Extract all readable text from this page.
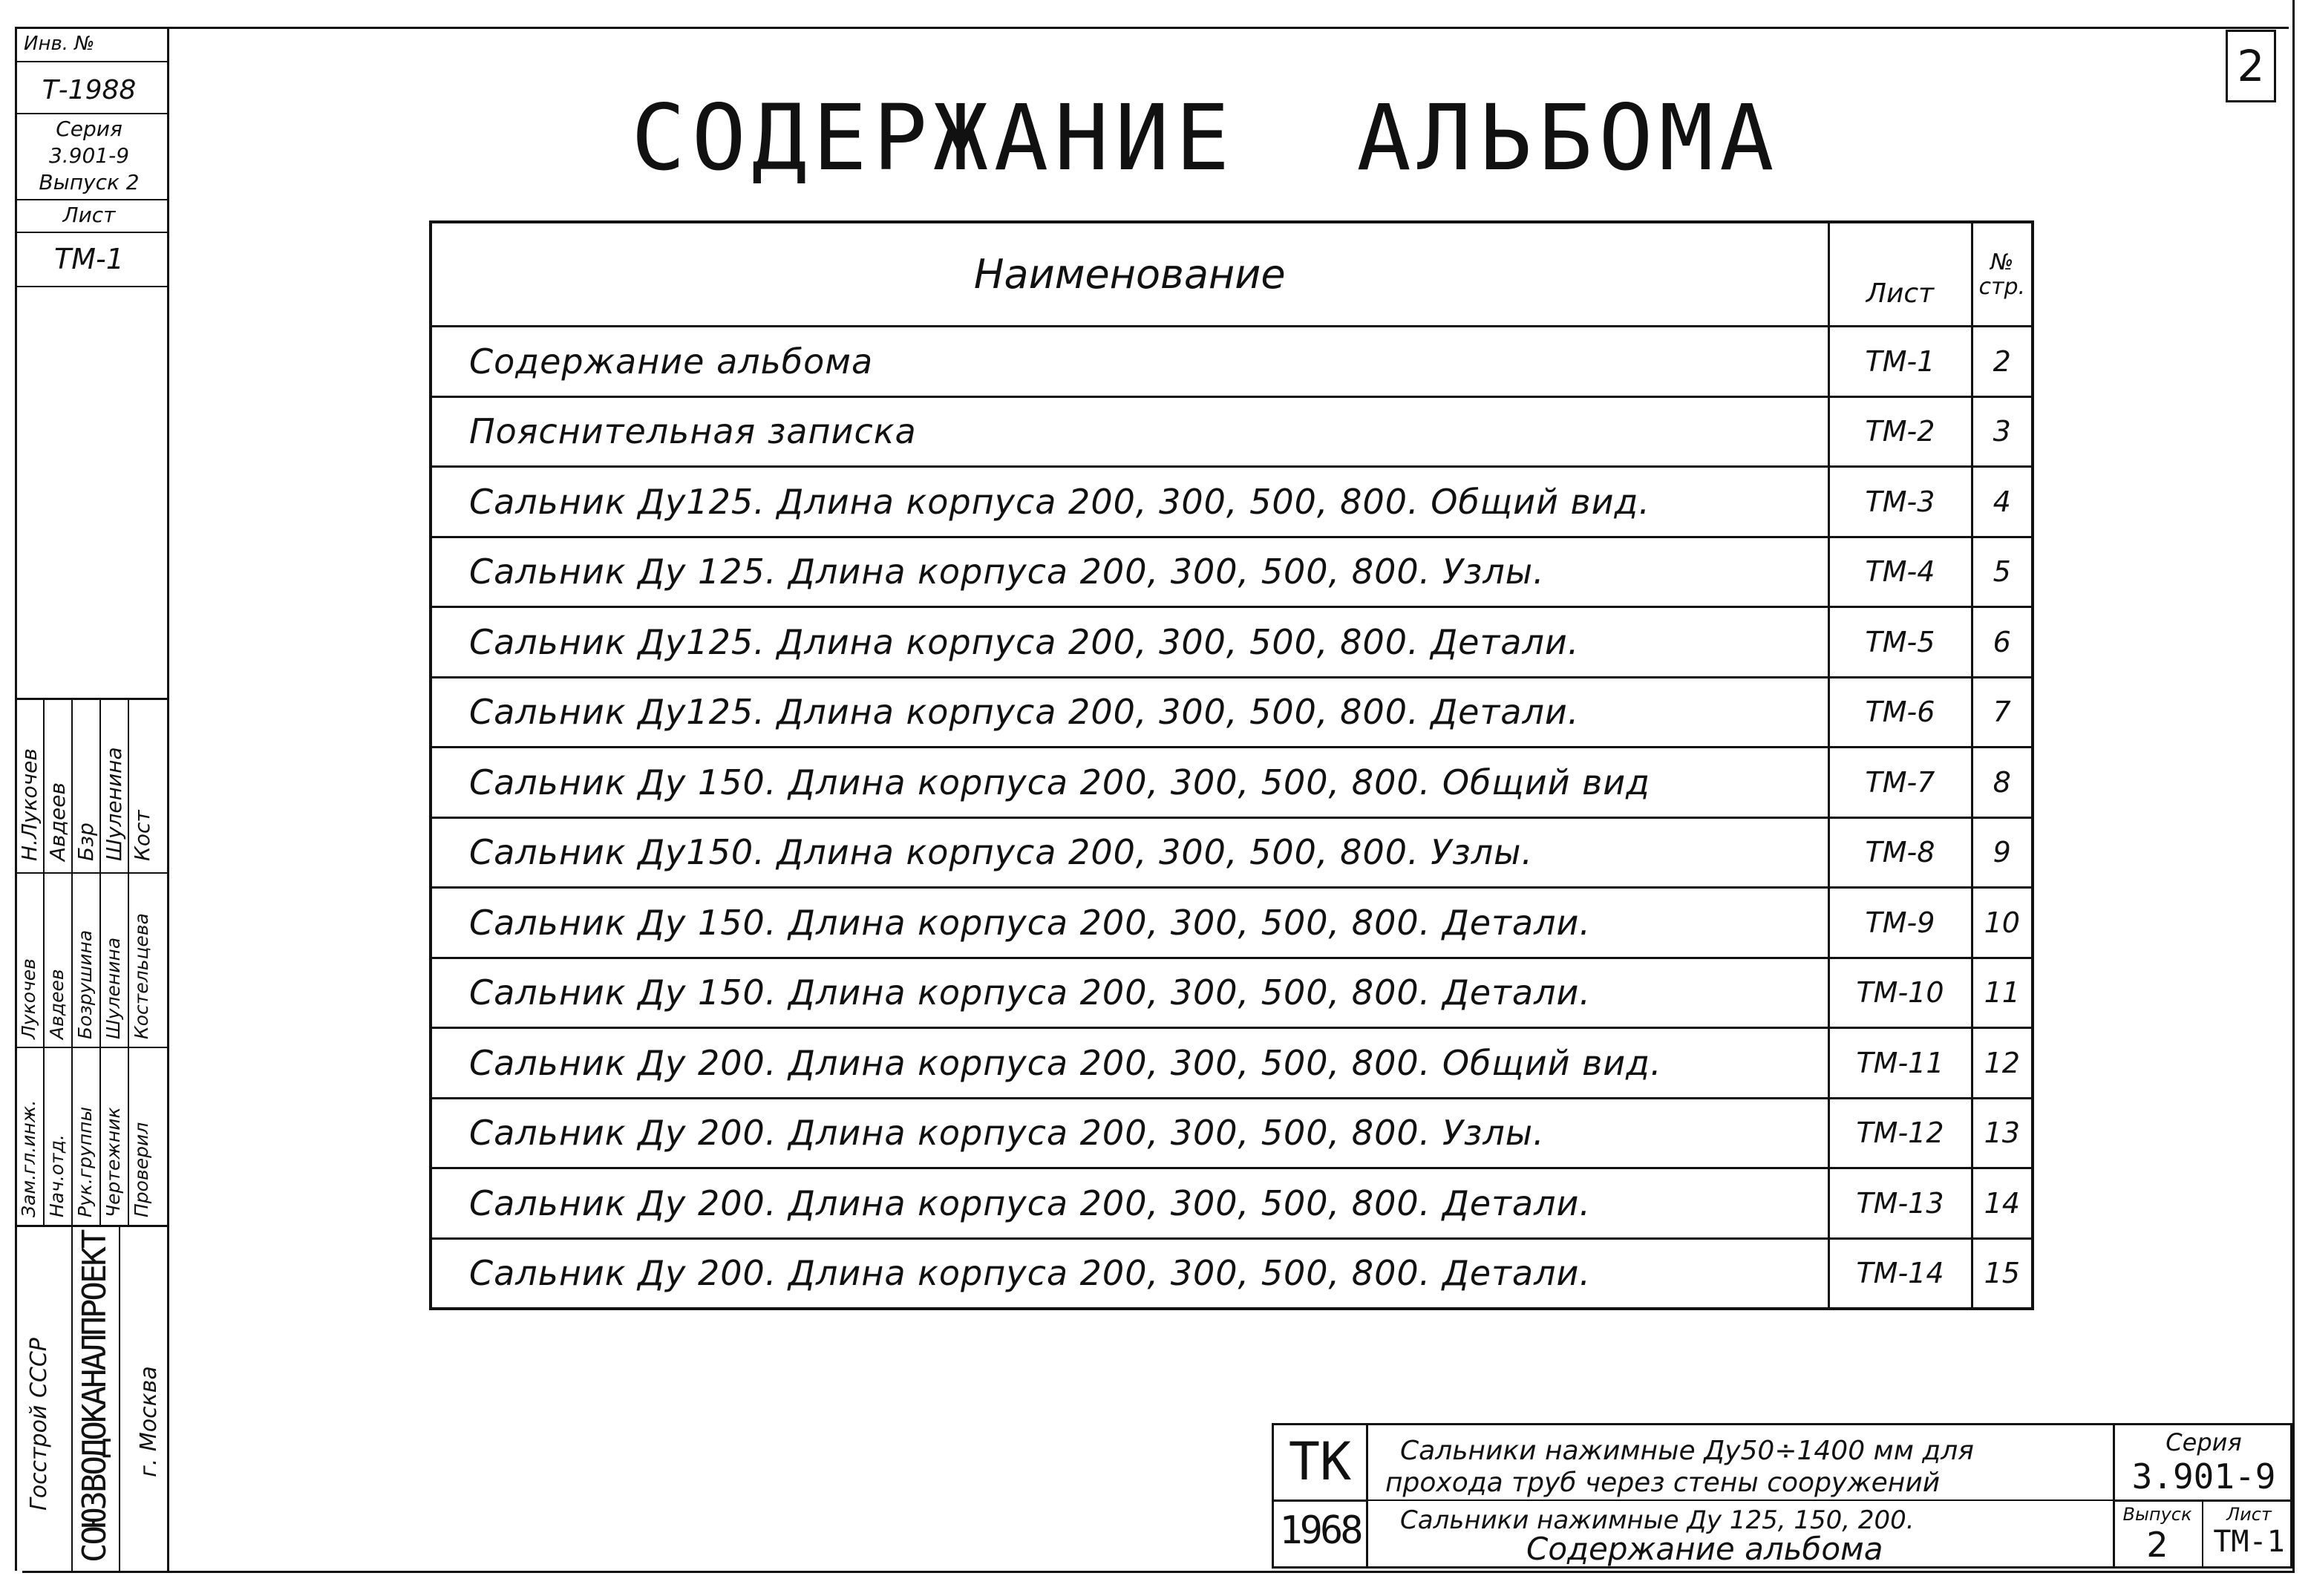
Инв. №
Т-1988
Серия
3.901-9
Выпуск 2
Лист
ТМ-1
Зам.гл.инж. Нач.отд. Рук.группы Чертежник Проверил
Лукочев Авдеев Бозрушина Шуленина Костельцева
Н.Лукочев Авдеев Бзр Шуленина Кост
Госстрой СССР СОЮЗВОДОКАНАЛПРОЕКТ г. Москва
СОДЕРЖАНИЕ  АЛЬБОМА
2
Наименование	Лист	№
стр.

Содержание альбома	ТМ-1	2
Пояснительная записка	ТМ-2	3
Сальник Ду125. Длина корпуса 200, 300, 500, 800. Общий вид.	ТМ-3	4
Сальник Ду 125. Длина корпуса 200, 300, 500, 800. Узлы.	ТМ-4	5
Сальник Ду125. Длина корпуса 200, 300, 500, 800. Детали.	ТМ-5	6
Сальник Ду125. Длина корпуса 200, 300, 500, 800. Детали.	ТМ-6	7
Сальник Ду 150. Длина корпуса 200, 300, 500, 800. Общий вид	ТМ-7	8
Сальник Ду150. Длина корпуса 200, 300, 500, 800. Узлы.	ТМ-8	9
Сальник Ду 150. Длина корпуса 200, 300, 500, 800. Детали.	ТМ-9	10
Сальник Ду 150. Длина корпуса 200, 300, 500, 800. Детали.	ТМ-10	11
Сальник Ду 200. Длина корпуса 200, 300, 500, 800. Общий вид.	ТМ-11	12
Сальник Ду 200. Длина корпуса 200, 300, 500, 800. Узлы.	ТМ-12	13
Сальник Ду 200. Длина корпуса 200, 300, 500, 800. Детали.	ТМ-13	14
Сальник Ду 200. Длина корпуса 200, 300, 500, 800. Детали.	ТМ-14	15
ТК
1968
Сальники нажимные Ду50÷1400 мм для
прохода труб через стены сооружений
Сальники нажимные Ду 125, 150, 200.
Содержание альбома
Серия
3.901-9
Выпуск
2
Лист
ТМ-1
